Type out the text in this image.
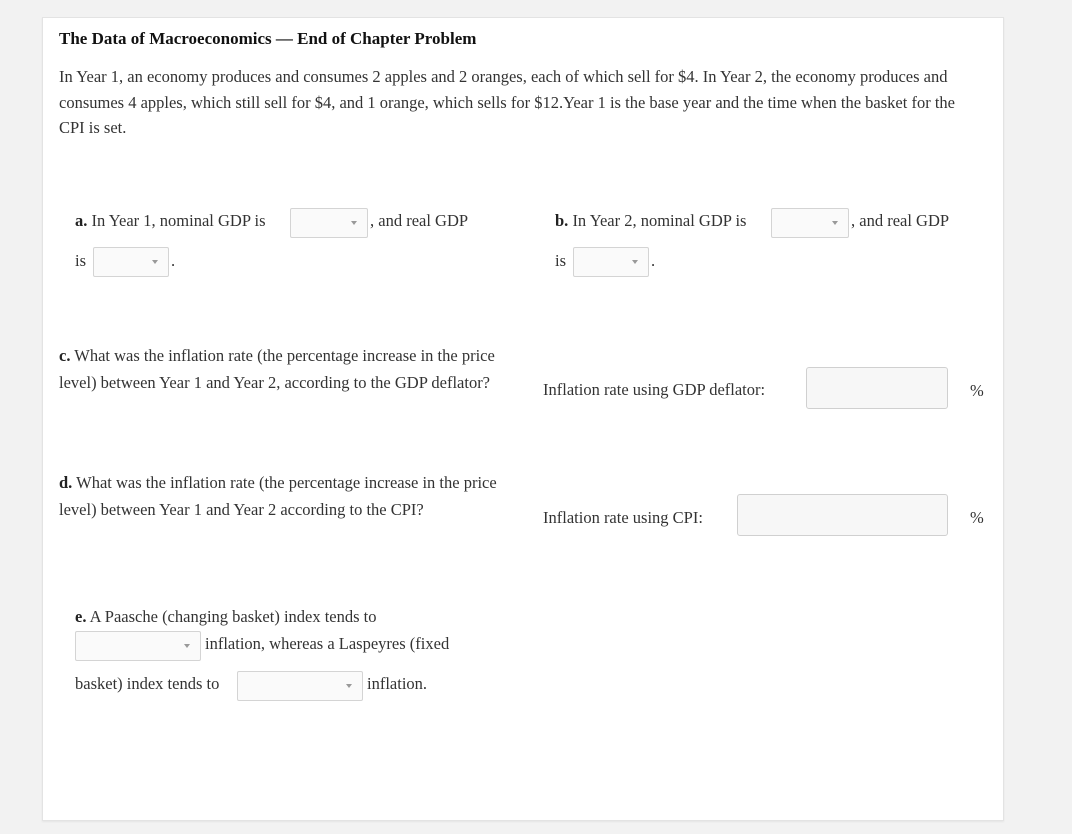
The Data of Macroeconomics — End of Chapter Problem
In Year 1, an economy produces and consumes 2 apples and 2 oranges, each of which sell for $4. In Year 2, the economy produces and consumes 4 apples, which still sell for $4, and 1 orange, which sells for $12.Year 1 is the base year and the time when the basket for the CPI is set.
a. In Year 1, nominal GDP is	, and real GDP
is	.
b. In Year 2, nominal GDP is	, and real GDP
is	.
c. What was the inflation rate (the percentage increase in the price level) between Year 1 and Year 2, according to the GDP deflator?	Inflation rate using GDP deflator:	%
d. What was the inflation rate (the percentage increase in the price level) between Year 1 and Year 2 according to the CPI?	Inflation rate using CPI:	%
e. A Paasche (changing basket) index tends to
inflation, whereas a Laspeyres (fixed
basket) index tends to	inflation.
